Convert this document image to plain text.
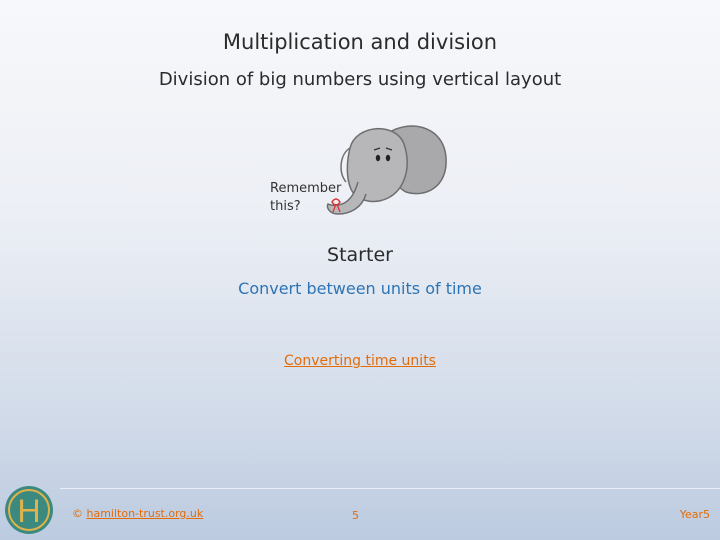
Multiplication and division
Division of big numbers using vertical layout
Remember
this?
Starter
Convert between units of time
Converting time units
H	© hamilton-trust.org.uk	5	Year5
